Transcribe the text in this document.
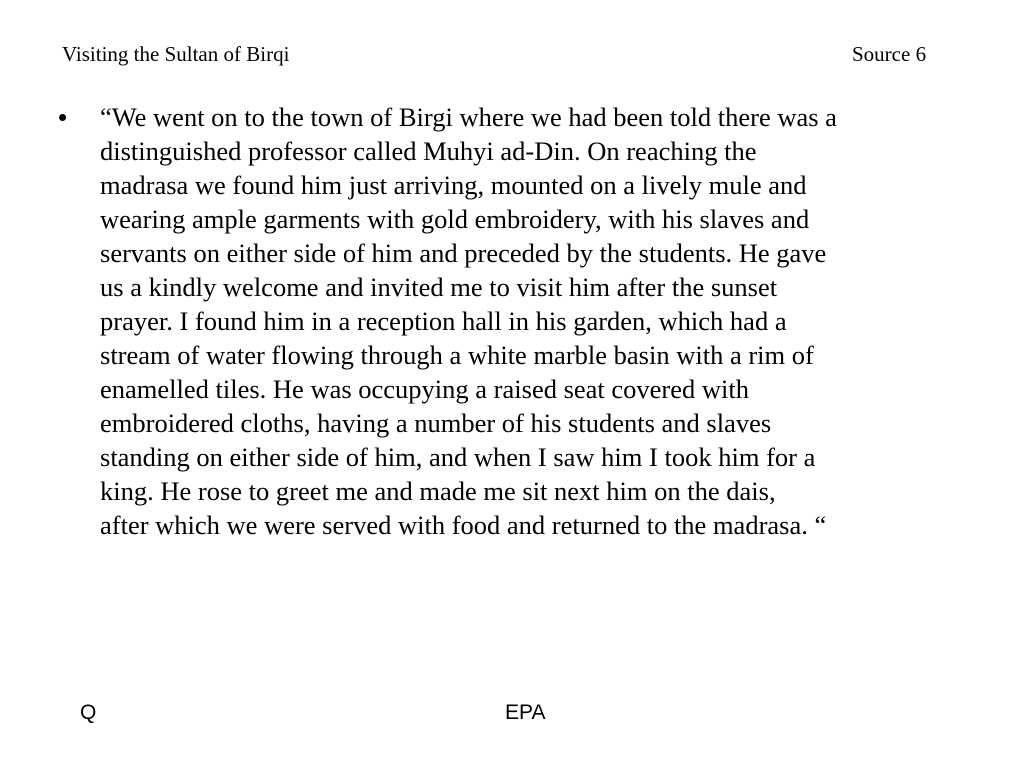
Visiting the Sultan of Birqi	Source 6
• “We went on to the town of Birgi where we had been told there was a
distinguished professor called Muhyi ad-Din. On reaching the
madrasa we found him just arriving, mounted on a lively mule and
wearing ample garments with gold embroidery, with his slaves and
servants on either side of him and preceded by the students. He gave
us a kindly welcome and invited me to visit him after the sunset
prayer. I found him in a reception hall in his garden, which had a
stream of water flowing through a white marble basin with a rim of
enamelled tiles. He was occupying a raised seat covered with
embroidered cloths, having a number of his students and slaves
standing on either side of him, and when I saw him I took him for a
king. He rose to greet me and made me sit next him on the dais,
after which we were served with food and returned to the madrasa. “
Q	EPA
